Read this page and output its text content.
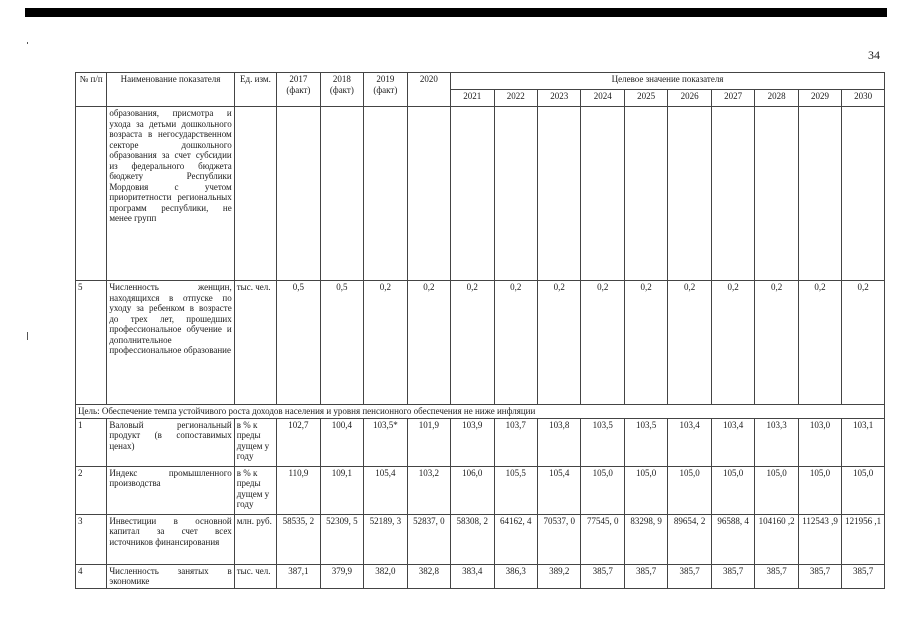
34
№ п/п	Наименование показателя	Ед. изм.	2017 (факт)	2018 (факт)	2019 (факт)	2020	Целевое значение показателя									
							2021	2022	2023	2024	2025	2026	2027	2028	2029	2030
	образования, присмотра и ухода за детьми дошкольного возраста в негосударственном секторе дошкольного образования за счет субсидии из федерального бюджета бюджету Республики Мордовия с учетом приоритетности региональных программ республики, не менее групп															
5	Численность женщин, находящихся в отпуске по уходу за ребенком в возрасте до трех лет, прошедших профессиональное обучение и дополнительное профессиональное образование	тыс. чел.	0,5	0,5	0,2	0,2	0,2	0,2	0,2	0,2	0,2	0,2	0,2	0,2	0,2	0,2
Цель: Обеспечение темпа устойчивого роста доходов населения и уровня пенсионного обеспечения не ниже инфляции																
1	Валовый региональный продукт (в сопоставимых ценах)	в % к преды дущем у году	102,7	100,4	103,5*	101,9	103,9	103,7	103,8	103,5	103,5	103,4	103,4	103,3	103,0	103,1
2	Индекс промышленного производства	в % к преды дущем у году	110,9	109,1	105,4	103,2	106,0	105,5	105,4	105,0	105,0	105,0	105,0	105,0	105,0	105,0
3	Инвестиции в основной капитал за счет всех источников финансирования	млн. руб.	58535, 2	52309, 5	52189, 3	52837, 0	58308, 2	64162, 4	70537, 0	77545, 0	83298, 9	89654, 2	96588, 4	104160 ,2	112543 ,9	121956 ,1
4	Численность занятых в экономике	тыс. чел.	387,1	379,9	382,0	382,8	383,4	386,3	389,2	385,7	385,7	385,7	385,7	385,7	385,7	385,7
